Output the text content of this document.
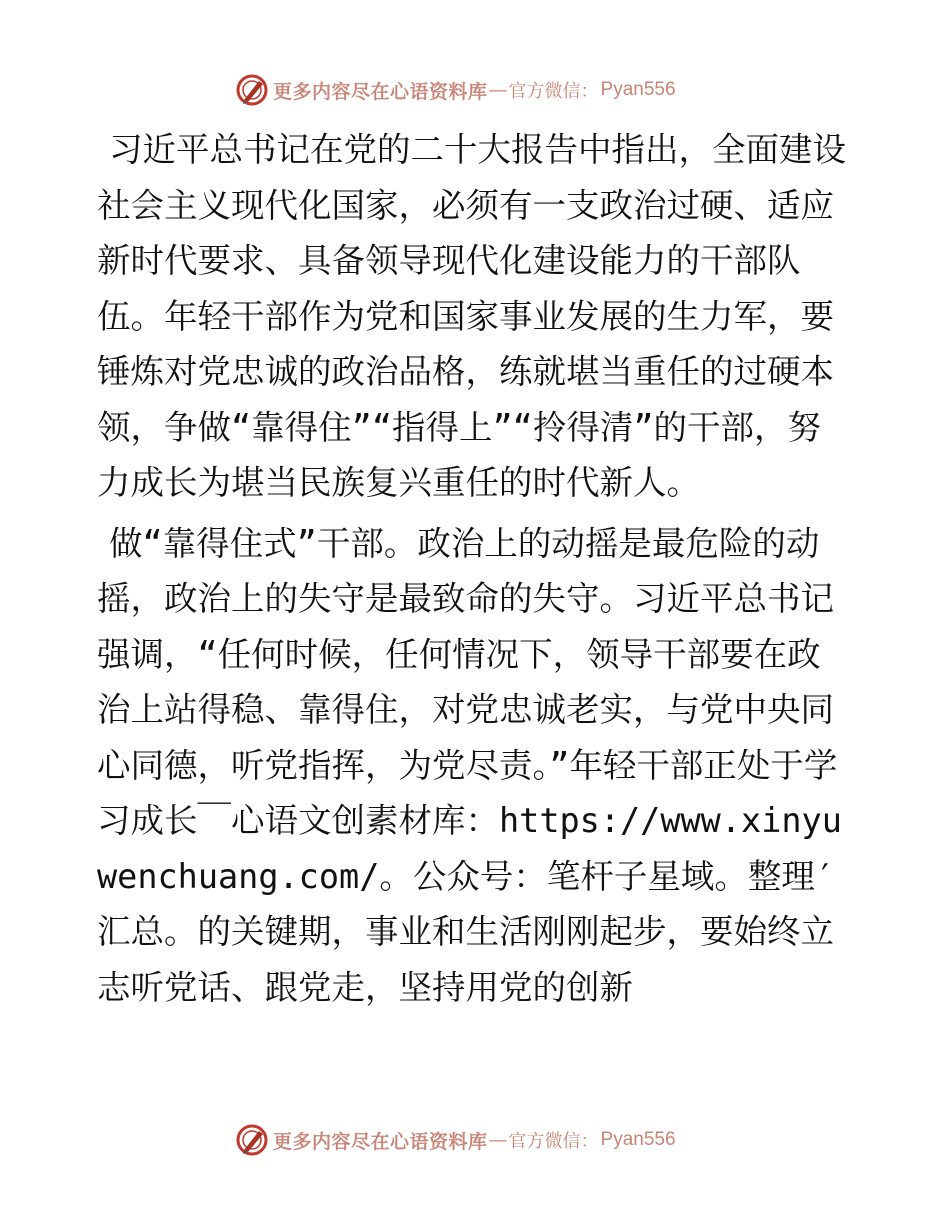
更多内容尽在心语资料库 — 官方微信： Pyan556

习近平总书记在党的二十大报告中指出，全面建设社会主义现代化国家，必须有一支政治过硬、适应新时代要求、具备领导现代化建设能力的干部队伍。年轻干部作为党和国家事业发展的生力军，要锤炼对党忠诚的政治品格，练就堪当重任的过硬本领，争做“靠得住”“指得上”“拎得清”的干部，努力成长为堪当民族复兴重任的时代新人。

做“靠得住式”干部。政治上的动摇是最危险的动摇，政治上的失守是最致命的失守。习近平总书记强调，“任何时候，任何情况下，领导干部要在政治上站得稳、靠得住，对党忠诚老实，与党中央同心同德，听党指挥，为党尽责。”年轻干部正处于学习成长￣心语文创素材库：https://www.xinyuwenchuang.com/。公众号：笔杆子星域。整理′汇总。的关键期，事业和生活刚刚起步，要始终立志听党话、跟党走，坚持用党的创新

更多内容尽在心语资料库 — 官方微信： Pyan556
